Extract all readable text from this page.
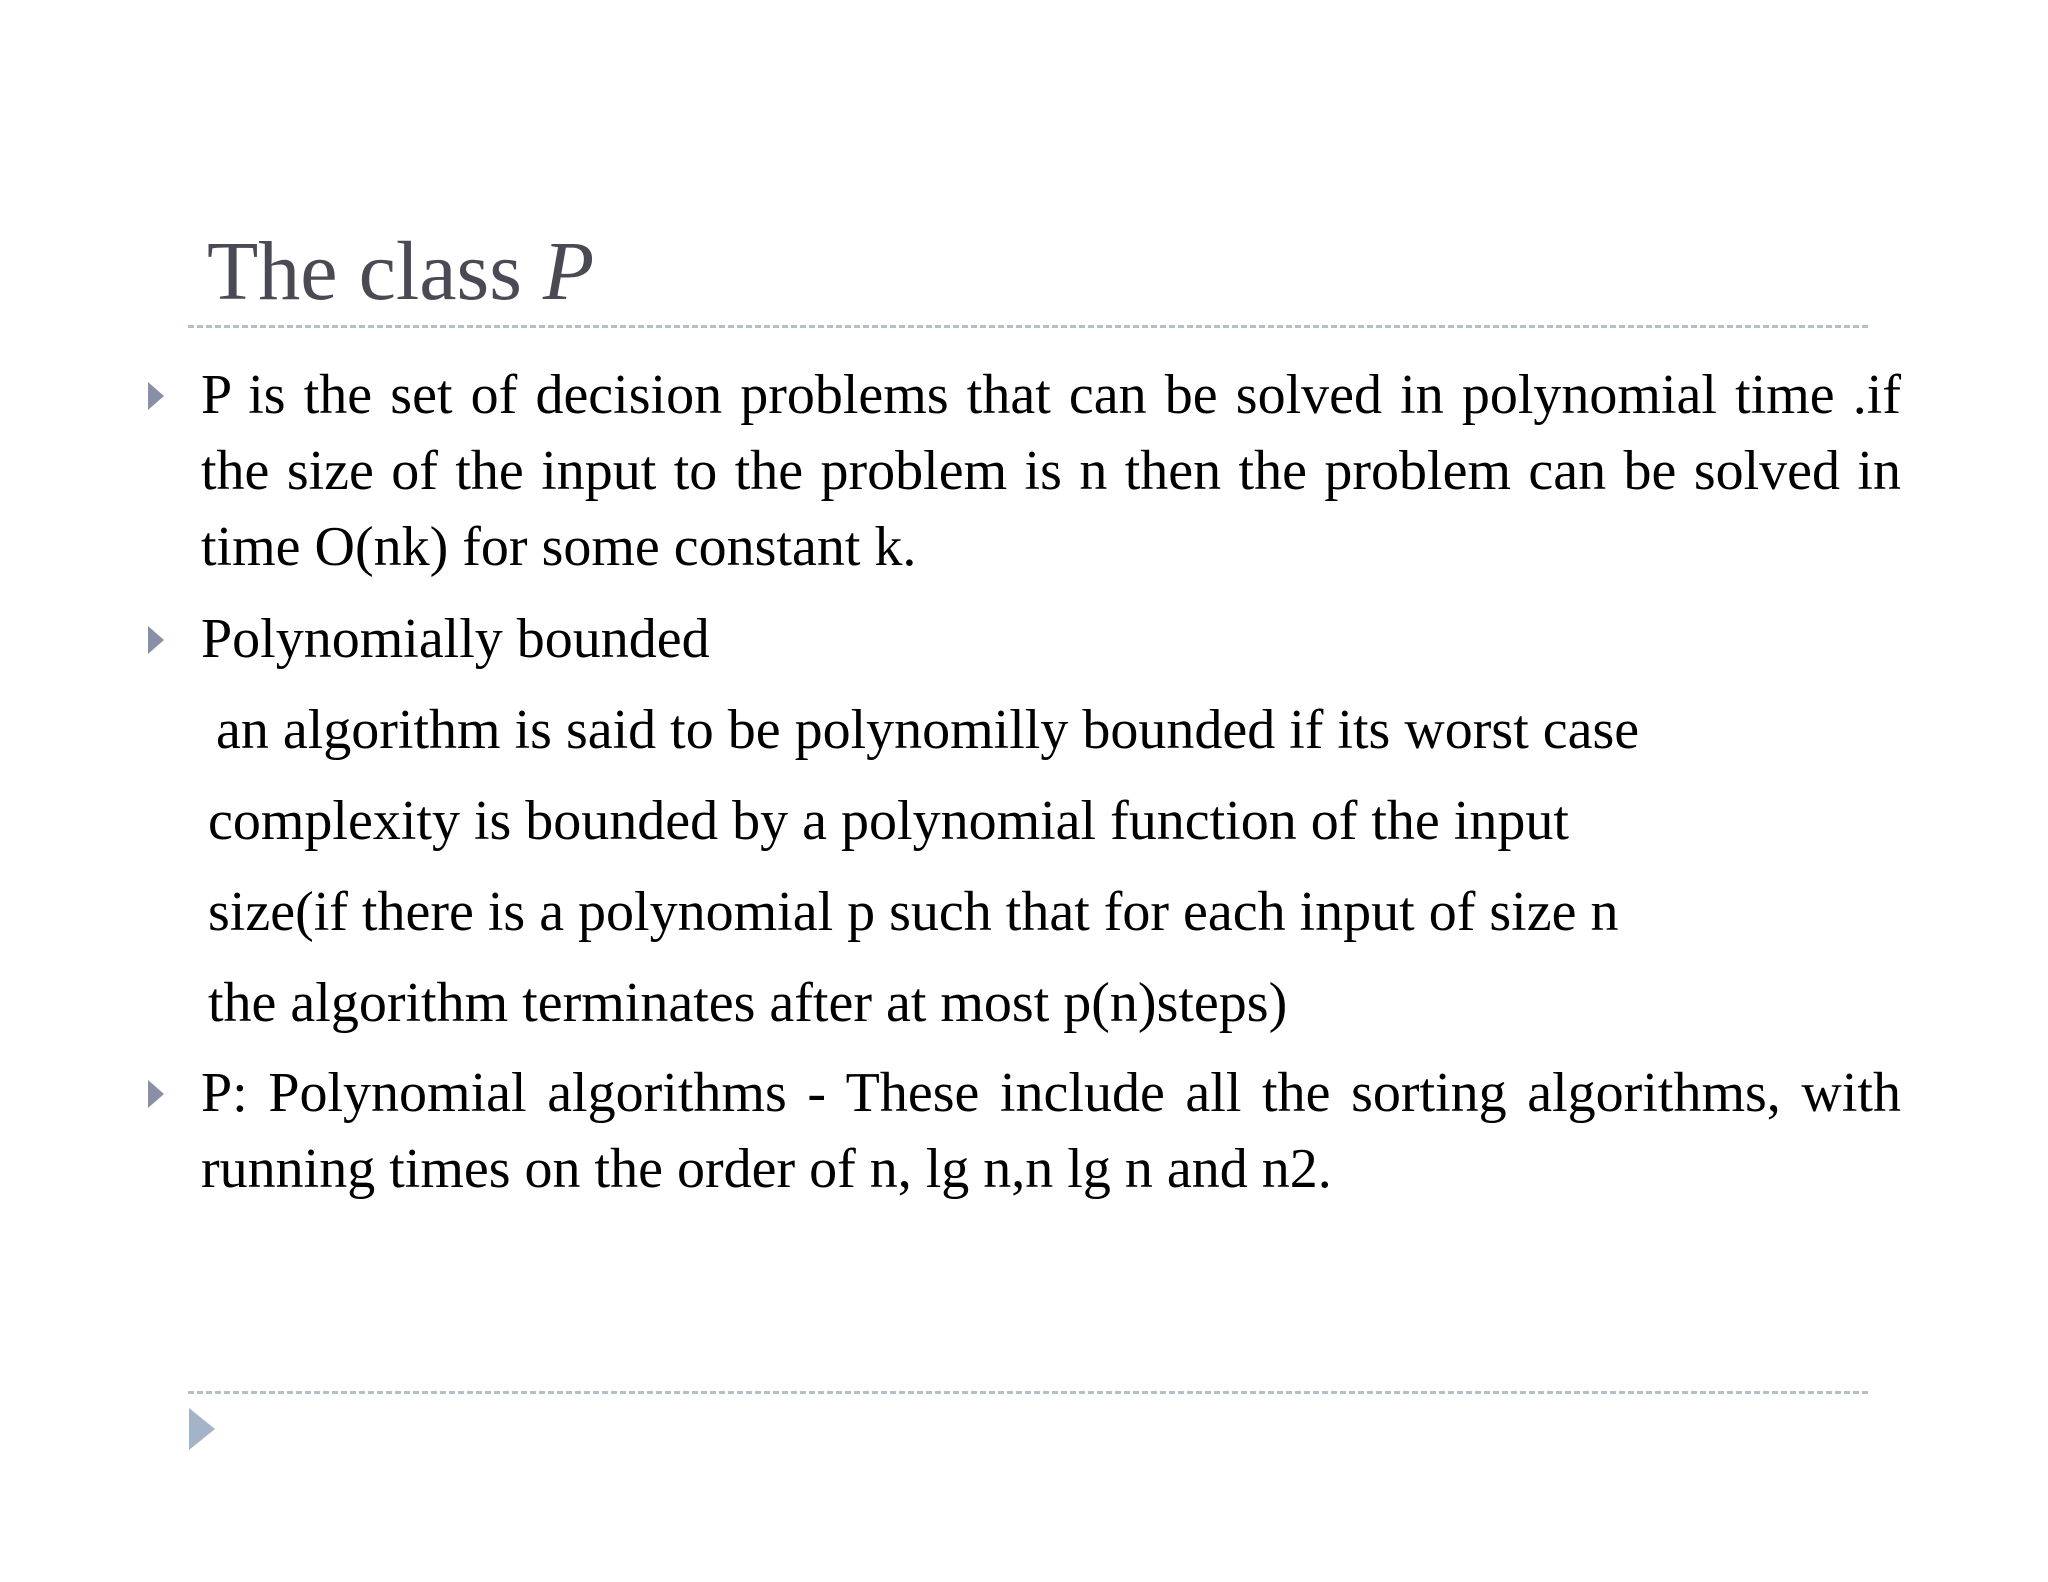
The class P
P is the set of decision problems that can be solved in polynomial time .if the size of the input to the problem is n then the problem can be solved in time O(nk) for some constant k.
Polynomially bounded
an algorithm is said to be polynomilly bounded if its worst case
complexity is bounded by a polynomial function of the input
size(if there is a polynomial p such that for each input of size n
the algorithm terminates after at most p(n)steps)
P: Polynomial algorithms - These include all the sorting algorithms, with running times on the order of n, lg n,n lg n and n2.
